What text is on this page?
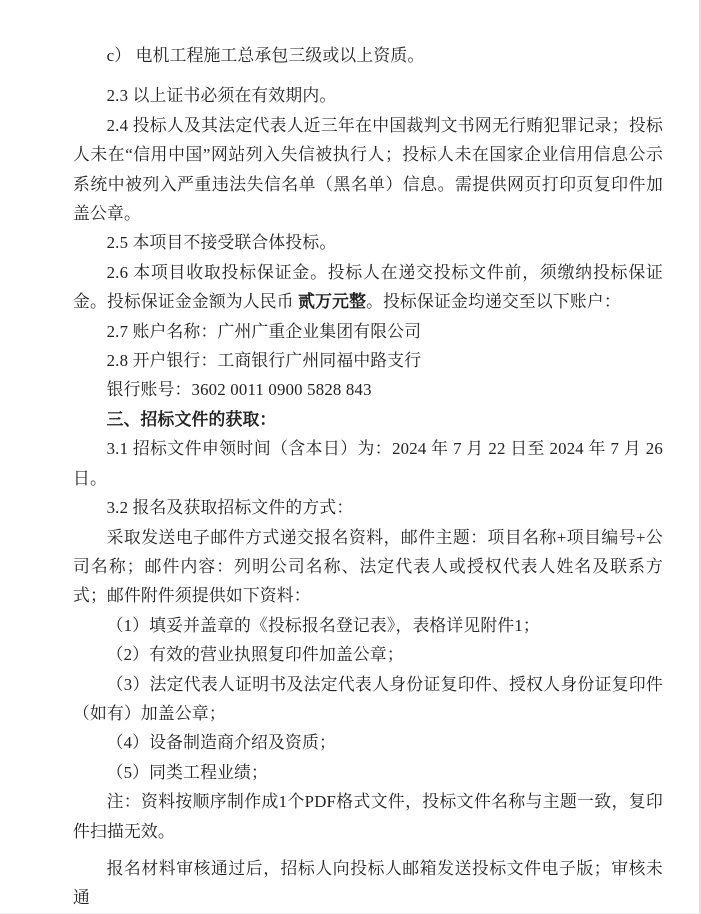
c） 电机工程施工总承包三级或以上资质。

2.3 以上证书必须在有效期内。

2.4 投标人及其法定代表人近三年在中国裁判文书网无行贿犯罪记录；投标人未在“信用中国”网站列入失信被执行人；投标人未在国家企业信用信息公示系统中被列入严重违法失信名单（黑名单）信息。需提供网页打印页复印件加盖公章。

2.5 本项目不接受联合体投标。

2.6 本项目收取投标保证金。投标人在递交投标文件前，须缴纳投标保证金。投标保证金金额为人民币 贰万元整。投标保证金均递交至以下账户：

2.7 账户名称：广州广重企业集团有限公司

2.8 开户银行：工商银行广州同福中路支行

银行账号：3602 0011 0900 5828 843

三、招标文件的获取：

3.1 招标文件申领时间（含本日）为：2024 年 7 月 22 日至 2024 年 7 月 26 日。

3.2 报名及获取招标文件的方式：

采取发送电子邮件方式递交报名资料，邮件主题：项目名称+项目编号+公司名称；邮件内容：列明公司名称、法定代表人或授权代表人姓名及联系方式；邮件附件须提供如下资料：

（1）填妥并盖章的《投标报名登记表》，表格详见附件1；

（2）有效的营业执照复印件加盖公章；

（3）法定代表人证明书及法定代表人身份证复印件、授权人身份证复印件（如有）加盖公章；

（4）设备制造商介绍及资质；

（5）同类工程业绩；

注：资料按顺序制作成1个PDF格式文件，投标文件名称与主题一致，复印件扫描无效。

报名材料审核通过后，招标人向投标人邮箱发送投标文件电子版；审核未通
